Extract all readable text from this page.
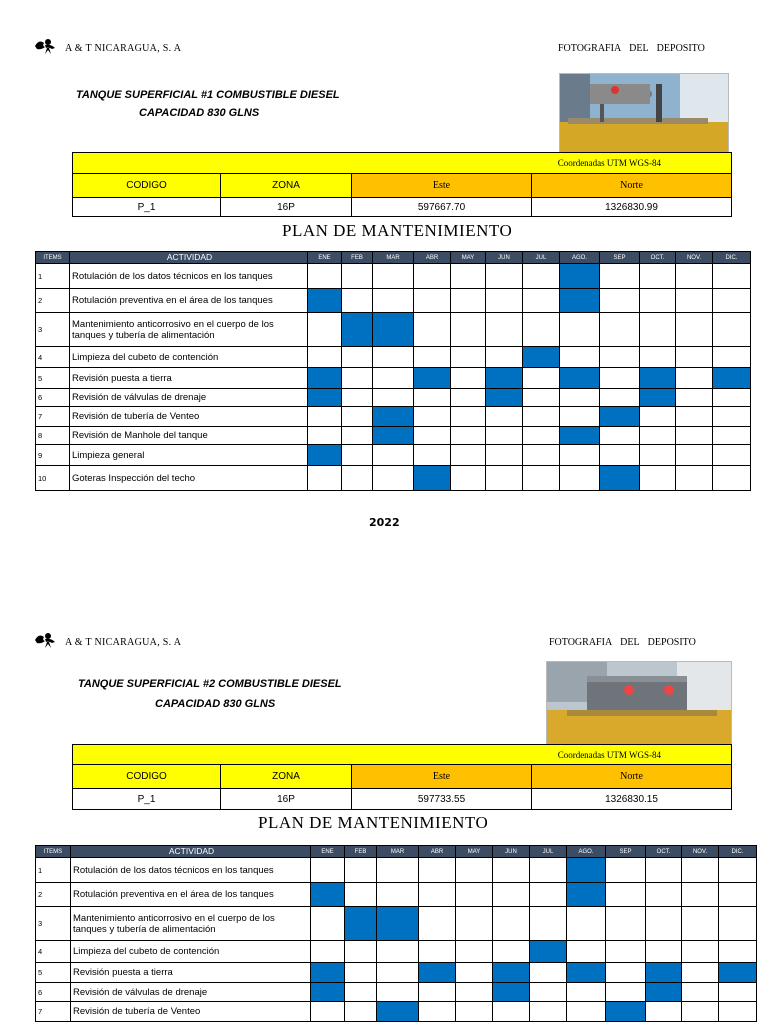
A & T NICARAGUA, S. A	FOTOGRAFIA DEL DEPOSITO
TANQUE SUPERFICIAL #1 COMBUSTIBLE DIESEL
CAPACIDAD 830 GLNS
Coordenadas UTM WGS-84			
CODIGO	ZONA	Este	Norte
P_1	16P	597667.70	1326830.99
PLAN DE MANTENIMIENTO
ITEMS	ACTIVIDAD	ENE	FEB	MAR	ABR	MAY	JUN	JUL	AGO.	SEP	OCT.	NOV.	DIC.
1	Rotulación de los datos técnicos en los tanques												
2	Rotulación preventiva en el área de los tanques												
3	Mantenimiento anticorrosivo en el cuerpo de los tanques y tubería de alimentación												
4	Limpieza del cubeto de contención												
5	Revisión puesta a tierra												
6	Revisión de válvulas de drenaje												
7	Revisión de tubería de Venteo												
8	Revisión de Manhole del tanque												
9	Limpieza general												
10	Goteras Inspección del techo												
2022
A & T NICARAGUA, S. A	FOTOGRAFIA DEL DEPOSITO
TANQUE SUPERFICIAL #2 COMBUSTIBLE DIESEL
CAPACIDAD 830 GLNS
Coordenadas UTM WGS-84			
CODIGO	ZONA	Este	Norte
P_1	16P	597733.55	1326830.15
PLAN DE MANTENIMIENTO
ITEMS	ACTIVIDAD	ENE	FEB	MAR	ABR	MAY	JUN	JUL	AGO.	SEP	OCT.	NOV.	DIC.
1	Rotulación de los datos técnicos en los tanques												
2	Rotulación preventiva en el área de los tanques												
3	Mantenimiento anticorrosivo en el cuerpo de los tanques y tubería de alimentación												
4	Limpieza del cubeto de contención												
5	Revisión puesta a tierra												
6	Revisión de válvulas de drenaje												
7	Revisión de tubería de Venteo												
